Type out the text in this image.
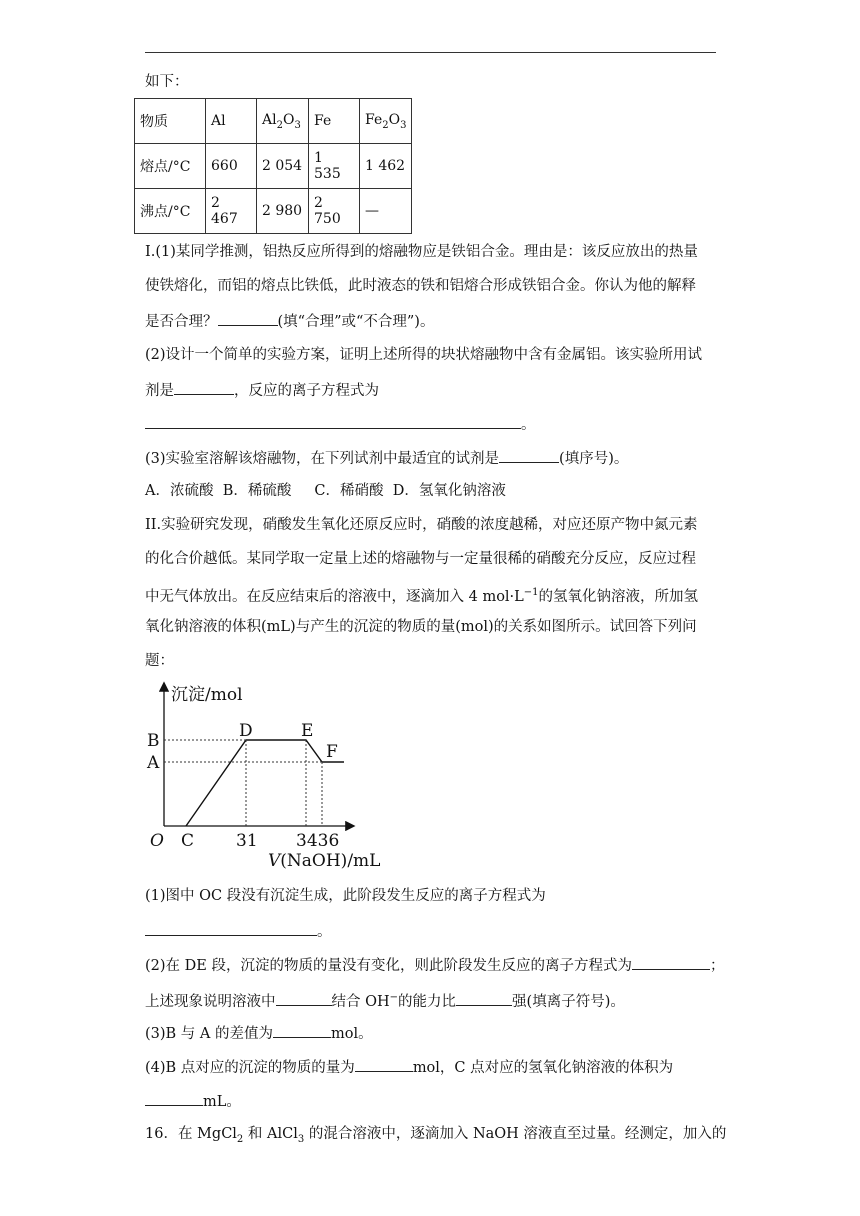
如下：
物质	Al	$Al_2O_3$	Fe	$Fe_2O_3$
熔点/°C	660	2 054	1 535	1 462
沸点/°C	2 467	2 980	2 750	—
I.(1)某同学推测，铝热反应所得到的熔融物应是铁铝合金。理由是：该反应放出的热量
使铁熔化，而铝的熔点比铁低，此时液态的铁和铝熔合形成铁铝合金。你认为他的解释
是否合理？	(填“合理”或“不合理”)。
(2)设计一个简单的实验方案，证明上述所得的块状熔融物中含有金属铝。该实验所用试
剂是	，反应的离子方程式为
。
(3)实验室溶解该熔融物，在下列试剂中最适宜的试剂是	(填序号)。
A．浓硫酸  B．稀硫酸     C．稀硝酸  D．氢氧化钠溶液
II.实验研究发现，硝酸发生氧化还原反应时，硝酸的浓度越稀，对应还原产物中氮元素
的化合价越低。某同学取一定量上述的熔融物与一定量很稀的硝酸充分反应，反应过程
中无气体放出。在反应结束后的溶液中，逐滴加入 4 $mol\cdot L^{-1}$的氢氧化钠溶液，所加氢
氧化钠溶液的体积(mL)与产生的沉淀的物质的量(mol)的关系如图所示。试回答下列问
题：
沉淀/mol
C 31 3436
B
A
D	E
F
O
V(NaOH)/mL
(1)图中 OC 段没有沉淀生成，此阶段发生反应的离子方程式为
。
(2)在 DE 段，沉淀的物质的量没有变化，则此阶段发生反应的离子方程式为	；
上述现象说明溶液中	结合 OH−的能力比	强(填离子符号)。
(3)B 与 A 的差值为	mol。
(4)B 点对应的沉淀的物质的量为	mol，C 点对应的氢氧化钠溶液的体积为
mL。
16．在 MgCl$_2$ 和 AlCl$_3$ 的混合溶液中，逐滴加入 NaOH 溶液直至过量。经测定，加入的
